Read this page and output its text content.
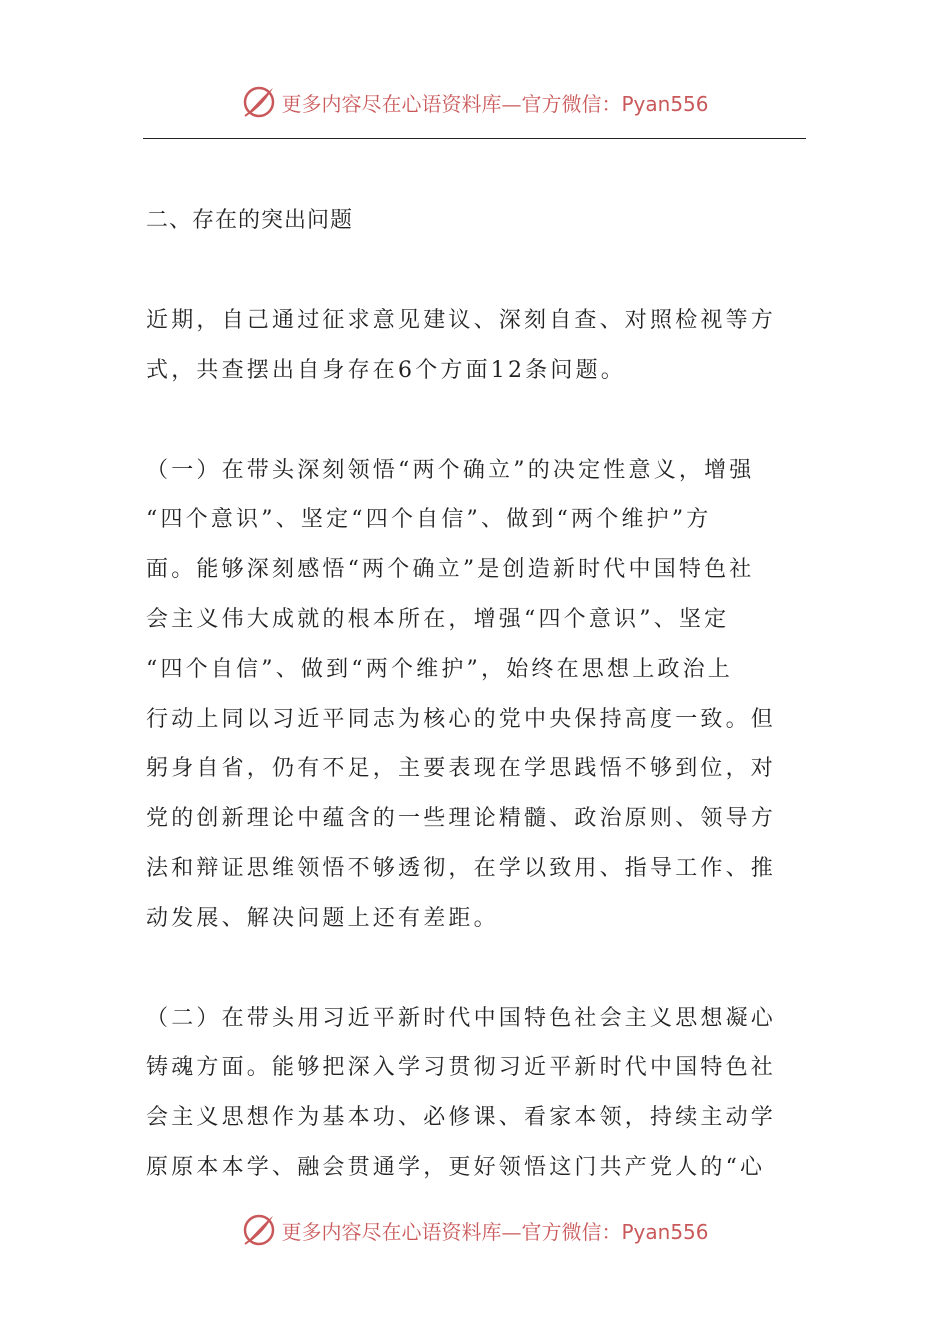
更多内容尽在心语资料库—官方微信：Pyan556
二、存在的突出问题
近期，自己通过征求意见建议、深刻自查、对照检视等方
式，共查摆出自身存在6个方面12条问题。
（一）在带头深刻领悟“两个确立”的决定性意义，增强
“四个意识”、坚定“四个自信”、做到“两个维护”方
面。能够深刻感悟“两个确立”是创造新时代中国特色社
会主义伟大成就的根本所在，增强“四个意识”、坚定
“四个自信”、做到“两个维护”，始终在思想上政治上
行动上同以习近平同志为核心的党中央保持高度一致。但
躬身自省，仍有不足，主要表现在学思践悟不够到位，对
党的创新理论中蕴含的一些理论精髓、政治原则、领导方
法和辩证思维领悟不够透彻，在学以致用、指导工作、推
动发展、解决问题上还有差距。
（二）在带头用习近平新时代中国特色社会主义思想凝心
铸魂方面。能够把深入学习贯彻习近平新时代中国特色社
会主义思想作为基本功、必修课、看家本领，持续主动学
原原本本学、融会贯通学，更好领悟这门共产党人的“心
更多内容尽在心语资料库—官方微信：Pyan556
